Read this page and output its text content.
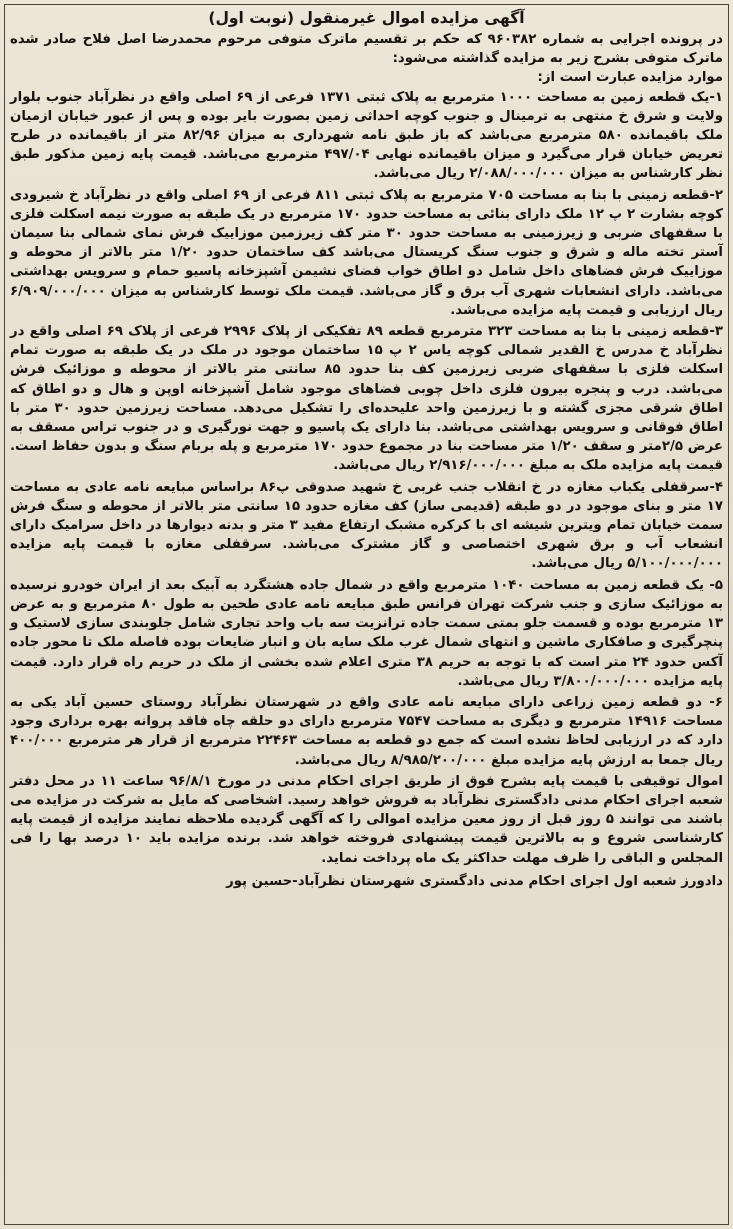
آگهی مزایده اموال غیرمنقول (نوبت اول)

در پرونده اجرایی به شماره ۹۶۰۳۸۲ که حکم بر تقسیم ماترک متوفی مرحوم محمدرضا اصل فلاح صادر شده ماترک متوفی بشرح زیر به مزایده گذاشته می‌شود:

موارد مزایده عبارت است از:

۱-یک قطعه زمین به مساحت ۱۰۰۰ مترمربع به پلاک ثبتی ۱۳۷۱ فرعی از ۶۹ اصلی واقع در نظرآباد جنوب بلوار ولایت و شرق خ منتهی به ترمینال و جنوب کوچه احداثی زمین بصورت بایر بوده و پس از عبور خیابان ازمیان ملک باقیمانده ۵۸۰ مترمربع می‌باشد که باز طبق نامه شهرداری به میزان ۸۲/۹۶ متر از باقیمانده در طرح تعریض خیابان قرار می‌گیرد و میزان باقیمانده نهایی ۴۹۷/۰۴ مترمربع می‌باشد. قیمت پایه زمین مذکور طبق نظر کارشناس به میزان ۲/۰۸۸/۰۰۰/۰۰۰ ریال می‌باشد.

۲-قطعه زمینی با بنا به مساحت ۷۰۵ مترمربع به پلاک ثبتی ۸۱۱ فرعی از ۶۹ اصلی واقع در نظرآباد خ شیرودی کوچه بشارت ۲ پ ۱۲ ملک دارای بنائی به مساحت حدود ۱۷۰ مترمربع در یک طبقه به صورت نیمه اسکلت فلزی با سقفهای ضربی و زیرزمینی به مساحت حدود ۳۰ متر کف زیرزمین موزاییک فرش نمای شمالی بنا سیمان آستر تخته ماله و شرق و جنوب سنگ کریستال می‌باشد کف ساختمان حدود ۱/۲۰ متر بالاتر از محوطه و موزاییک فرش فضاهای داخل شامل دو اطاق خواب فضای نشیمن آشپزخانه پاسیو حمام و سرویس بهداشتی می‌باشد. دارای انشعابات شهری آب برق و گاز می‌باشد. قیمت ملک توسط کارشناس به میزان ۶/۹۰۹/۰۰۰/۰۰۰ ریال ارزیابی و قیمت پایه مزایده می‌باشد.

۳-قطعه زمینی با بنا به مساحت ۳۲۳ مترمربع قطعه ۸۹ تفکیکی از پلاک ۲۹۹۶ فرعی از پلاک ۶۹ اصلی واقع در نظرآباد خ مدرس خ القدیر شمالی کوچه یاس ۲ پ ۱۵ ساختمان موجود در ملک در یک طبقه به صورت تمام اسکلت فلزی با سقفهای ضربی زیرزمین کف بنا حدود ۸۵ سانتی متر بالاتر از محوطه و موزائیک فرش می‌باشد. درب و پنجره بیرون فلزی داخل چوبی فضاهای موجود شامل آشپزخانه اوپن و هال و دو اطاق که اطاق شرقی مجزی گشته و با زیرزمین واحد علیحده‌ای را تشکیل می‌دهد. مساحت زیرزمین حدود ۳۰ متر با اطاق فوقانی و سرویس بهداشتی می‌باشد. بنا دارای یک پاسیو و جهت نورگیری و در جنوب تراس مسقف به عرض ۲/۵متر و سقف ۱/۲۰ متر مساحت بنا در مجموع حدود ۱۷۰ مترمربع و پله بربام سنگ و بدون حفاظ است. قیمت پایه مزایده ملک به مبلغ ۲/۹۱۶/۰۰۰/۰۰۰ ریال می‌باشد.

۴-سرقفلی یکباب مغازه در خ انقلاب جنب غربی خ شهید صدوقی پ۸۶ براساس مبایعه نامه عادی به مساحت ۱۷ متر و بنای موجود در دو طبقه (قدیمی ساز) کف مغازه حدود ۱۵ سانتی متر بالاتر از محوطه و سنگ فرش سمت خیابان تمام ویترین شیشه ای با کرکره مشبک ارتفاع مفید ۳ متر و بدنه دیوارها در داخل سرامیک دارای انشعاب آب و برق شهری اختصاصی و گاز مشترک می‌باشد. سرقفلی مغازه با قیمت پایه مزایده ۵/۱۰۰/۰۰۰/۰۰۰ ریال می‌باشد.

۵- یک قطعه زمین به مساحت ۱۰۴۰ مترمربع واقع در شمال جاده هشتگرد به آبیک بعد از ایران خودرو نرسیده به موزائیک سازی و جنب شرکت تهران فرانس طبق مبایعه نامه عادی طحین به طول ۸۰ مترمربع و به عرض ۱۳ مترمربع بوده و قسمت جلو بمتی سمت جاده ترانزیت سه باب واحد تجاری شامل جلوبندی سازی لاستیک و پنچرگیری و صافکاری ماشین و انتهای شمال غرب ملک سایه بان و انبار ضایعات بوده فاصله ملک تا محور جاده آکس حدود ۲۴ متر است که با توجه به حریم ۳۸ متری اعلام شده بخشی از ملک در حریم راه قرار دارد. قیمت پایه مزایده ۳/۸۰۰/۰۰۰/۰۰۰ ریال می‌باشد.

۶- دو قطعه زمین زراعی دارای مبایعه نامه عادی واقع در شهرستان نظرآباد روستای حسین آباد یکی به مساحت ۱۴۹۱۶ مترمربع و دیگری به مساحت ۷۵۴۷ مترمربع دارای دو حلقه چاه فاقد پروانه بهره برداری وجود دارد که در ارزیابی لحاظ نشده است که جمع دو قطعه به مساحت ۲۲۴۶۳ مترمربع از قرار هر مترمربع ۴۰۰/۰۰۰ ریال جمعا به ارزش پایه مزایده مبلغ ۸/۹۸۵/۲۰۰/۰۰۰ ریال می‌باشد.

اموال توقیفی با قیمت پایه بشرح فوق از طریق اجرای احکام مدنی در مورخ ۹۶/۸/۱ ساعت ۱۱ در محل دفتر شعبه اجرای احکام مدنی دادگستری نظرآباد به فروش خواهد رسید. اشخاصی که مایل به شرکت در مزایده می باشند می توانند ۵ روز قبل از روز معین مزایده اموالی را که آگهی گردیده ملاحظه نمایند مزایده از قیمت پایه کارشناسی شروع و به بالاترین قیمت پیشنهادی فروخته خواهد شد. برنده مزایده باید ۱۰ درصد بها را فی المجلس و الباقی را ظرف مهلت حداکثر یک ماه پرداخت نماید.

دادورز شعبه اول اجرای احکام مدنی دادگستری شهرستان نظرآباد-حسین پور
